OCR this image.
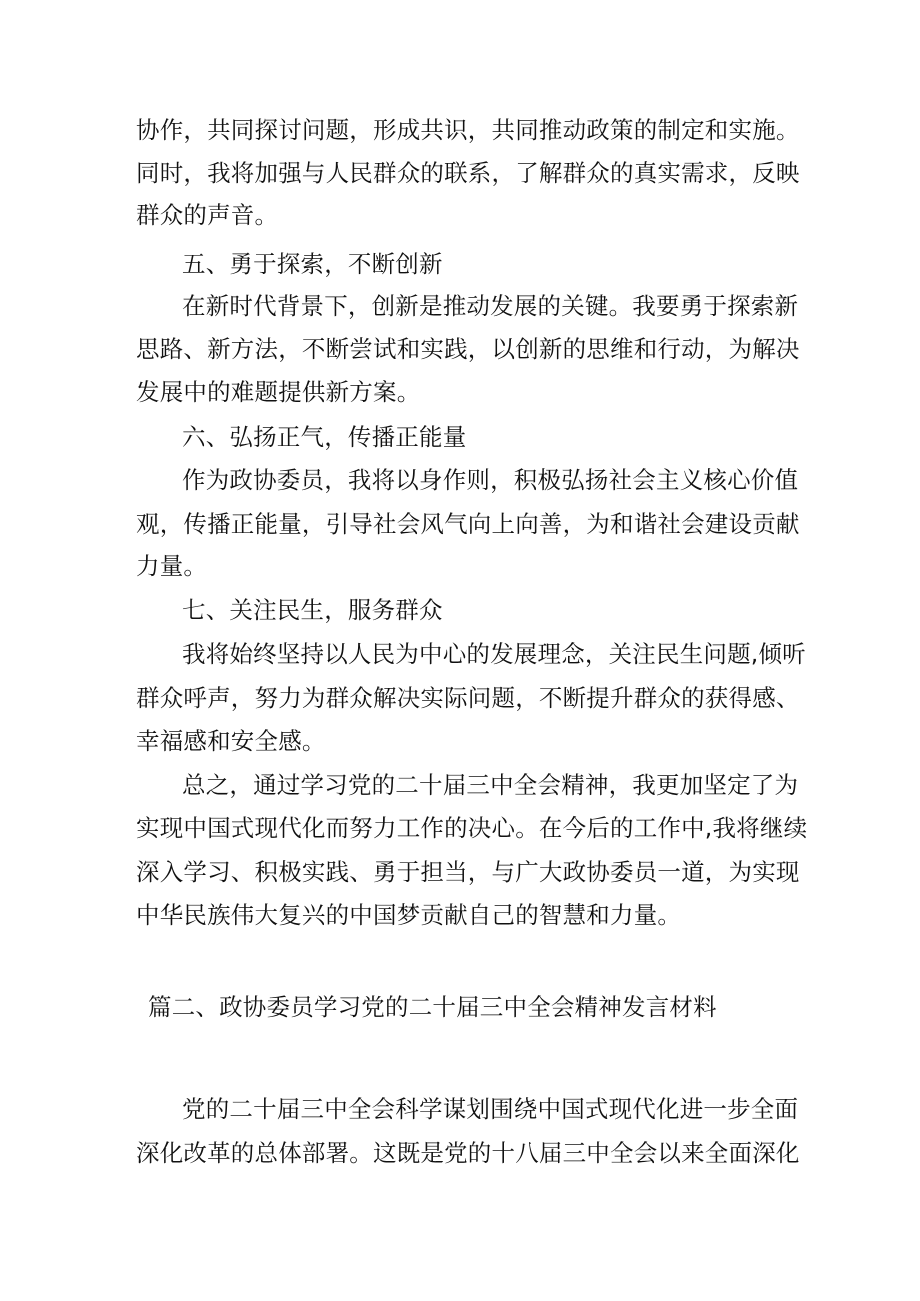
协作，共同探讨问题，形成共识，共同推动政策的制定和实施。
同时，我将加强与人民群众的联系，了解群众的真实需求，反映
群众的声音。
五、勇于探索，不断创新
在新时代背景下，创新是推动发展的关键。我要勇于探索新
思路、新方法，不断尝试和实践，以创新的思维和行动，为解决
发展中的难题提供新方案。
六、弘扬正气，传播正能量
作为政协委员，我将以身作则，积极弘扬社会主义核心价值
观，传播正能量，引导社会风气向上向善，为和谐社会建设贡献
力量。
七、关注民生，服务群众
我将始终坚持以人民为中心的发展理念，关注民生问题,倾听
群众呼声，努力为群众解决实际问题，不断提升群众的获得感、
幸福感和安全感。
总之，通过学习党的二十届三中全会精神，我更加坚定了为
实现中国式现代化而努力工作的决心。在今后的工作中,我将继续
深入学习、积极实践、勇于担当，与广大政协委员一道，为实现
中华民族伟大复兴的中国梦贡献自己的智慧和力量。
篇二、政协委员学习党的二十届三中全会精神发言材料
党的二十届三中全会科学谋划围绕中国式现代化进一步全面
深化改革的总体部署。这既是党的十八届三中全会以来全面深化
